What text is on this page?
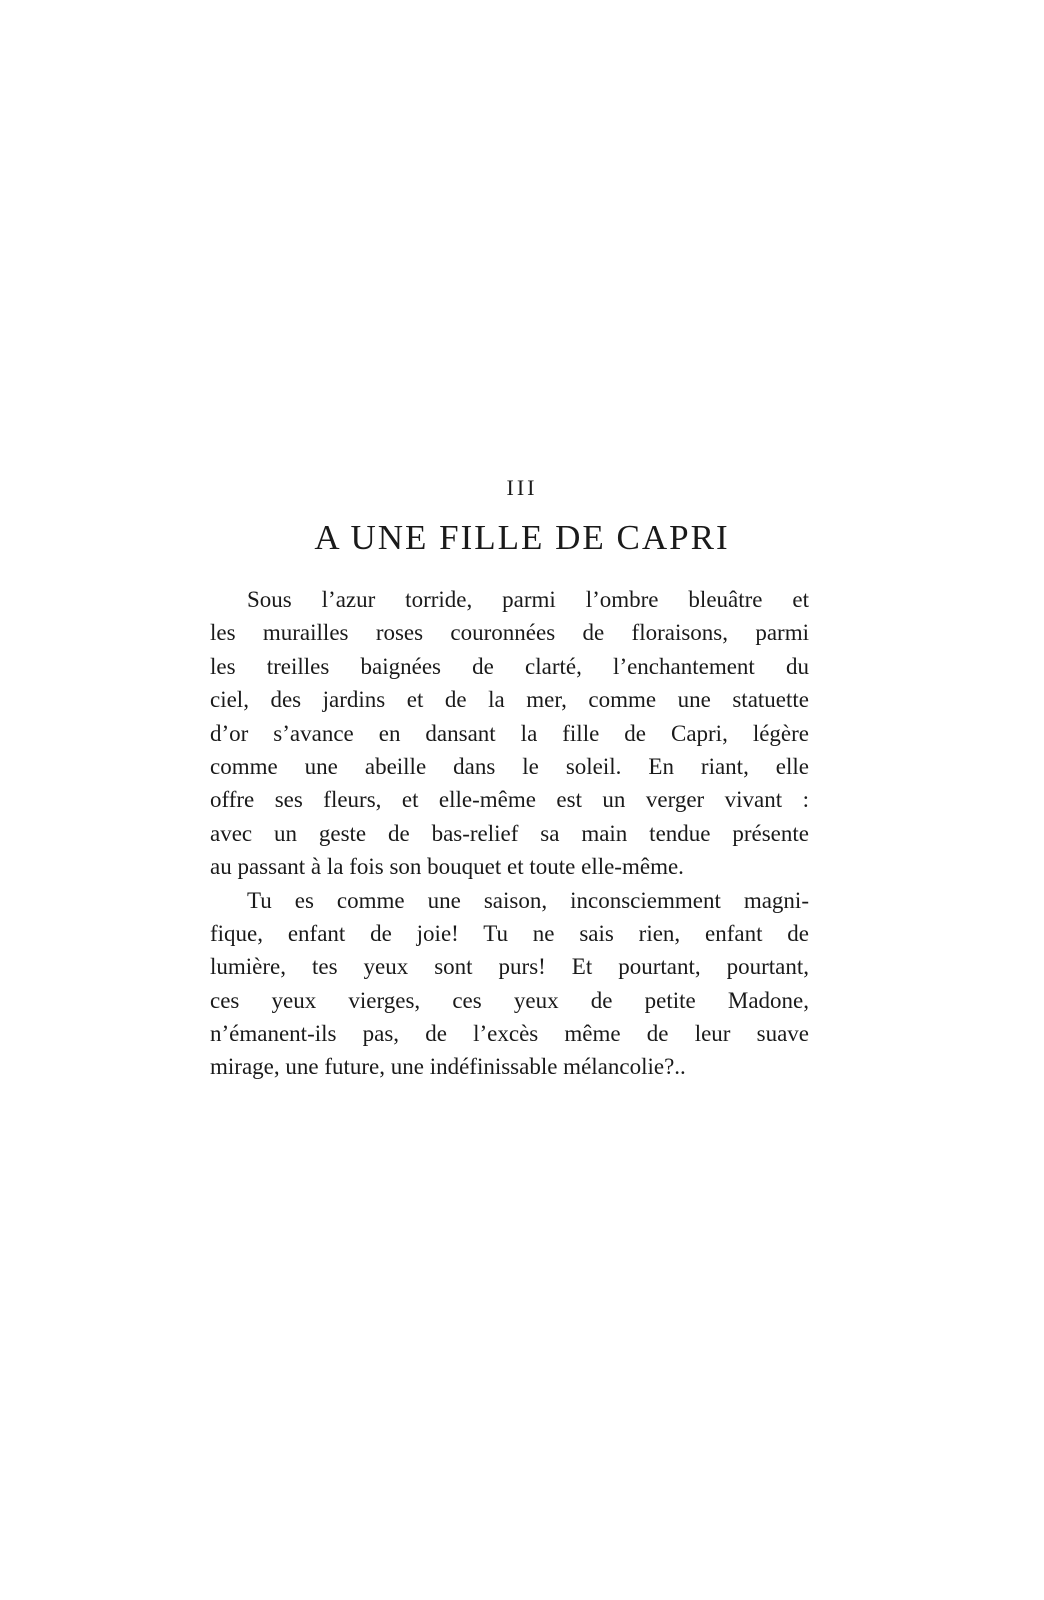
III
A UNE FILLE DE CAPRI

Sous l’azur torride, parmi l’ombre bleuâtre et
les murailles roses couronnées de floraisons, parmi
les treilles baignées de clarté, l’enchantement du
ciel, des jardins et de la mer, comme une statuette
d’or s’avance en dansant la fille de Capri, légère
comme une abeille dans le soleil. En riant, elle
offre ses fleurs, et elle-même est un verger vivant :
avec un geste de bas-relief sa main tendue présente
au passant à la fois son bouquet et toute elle-même.

Tu es comme une saison, inconsciemment magni-
fique, enfant de joie! Tu ne sais rien, enfant de
lumière, tes yeux sont purs! Et pourtant, pourtant,
ces yeux vierges, ces yeux de petite Madone,
n’émanent-ils pas, de l’excès même de leur suave
mirage, une future, une indéfinissable mélancolie?..
